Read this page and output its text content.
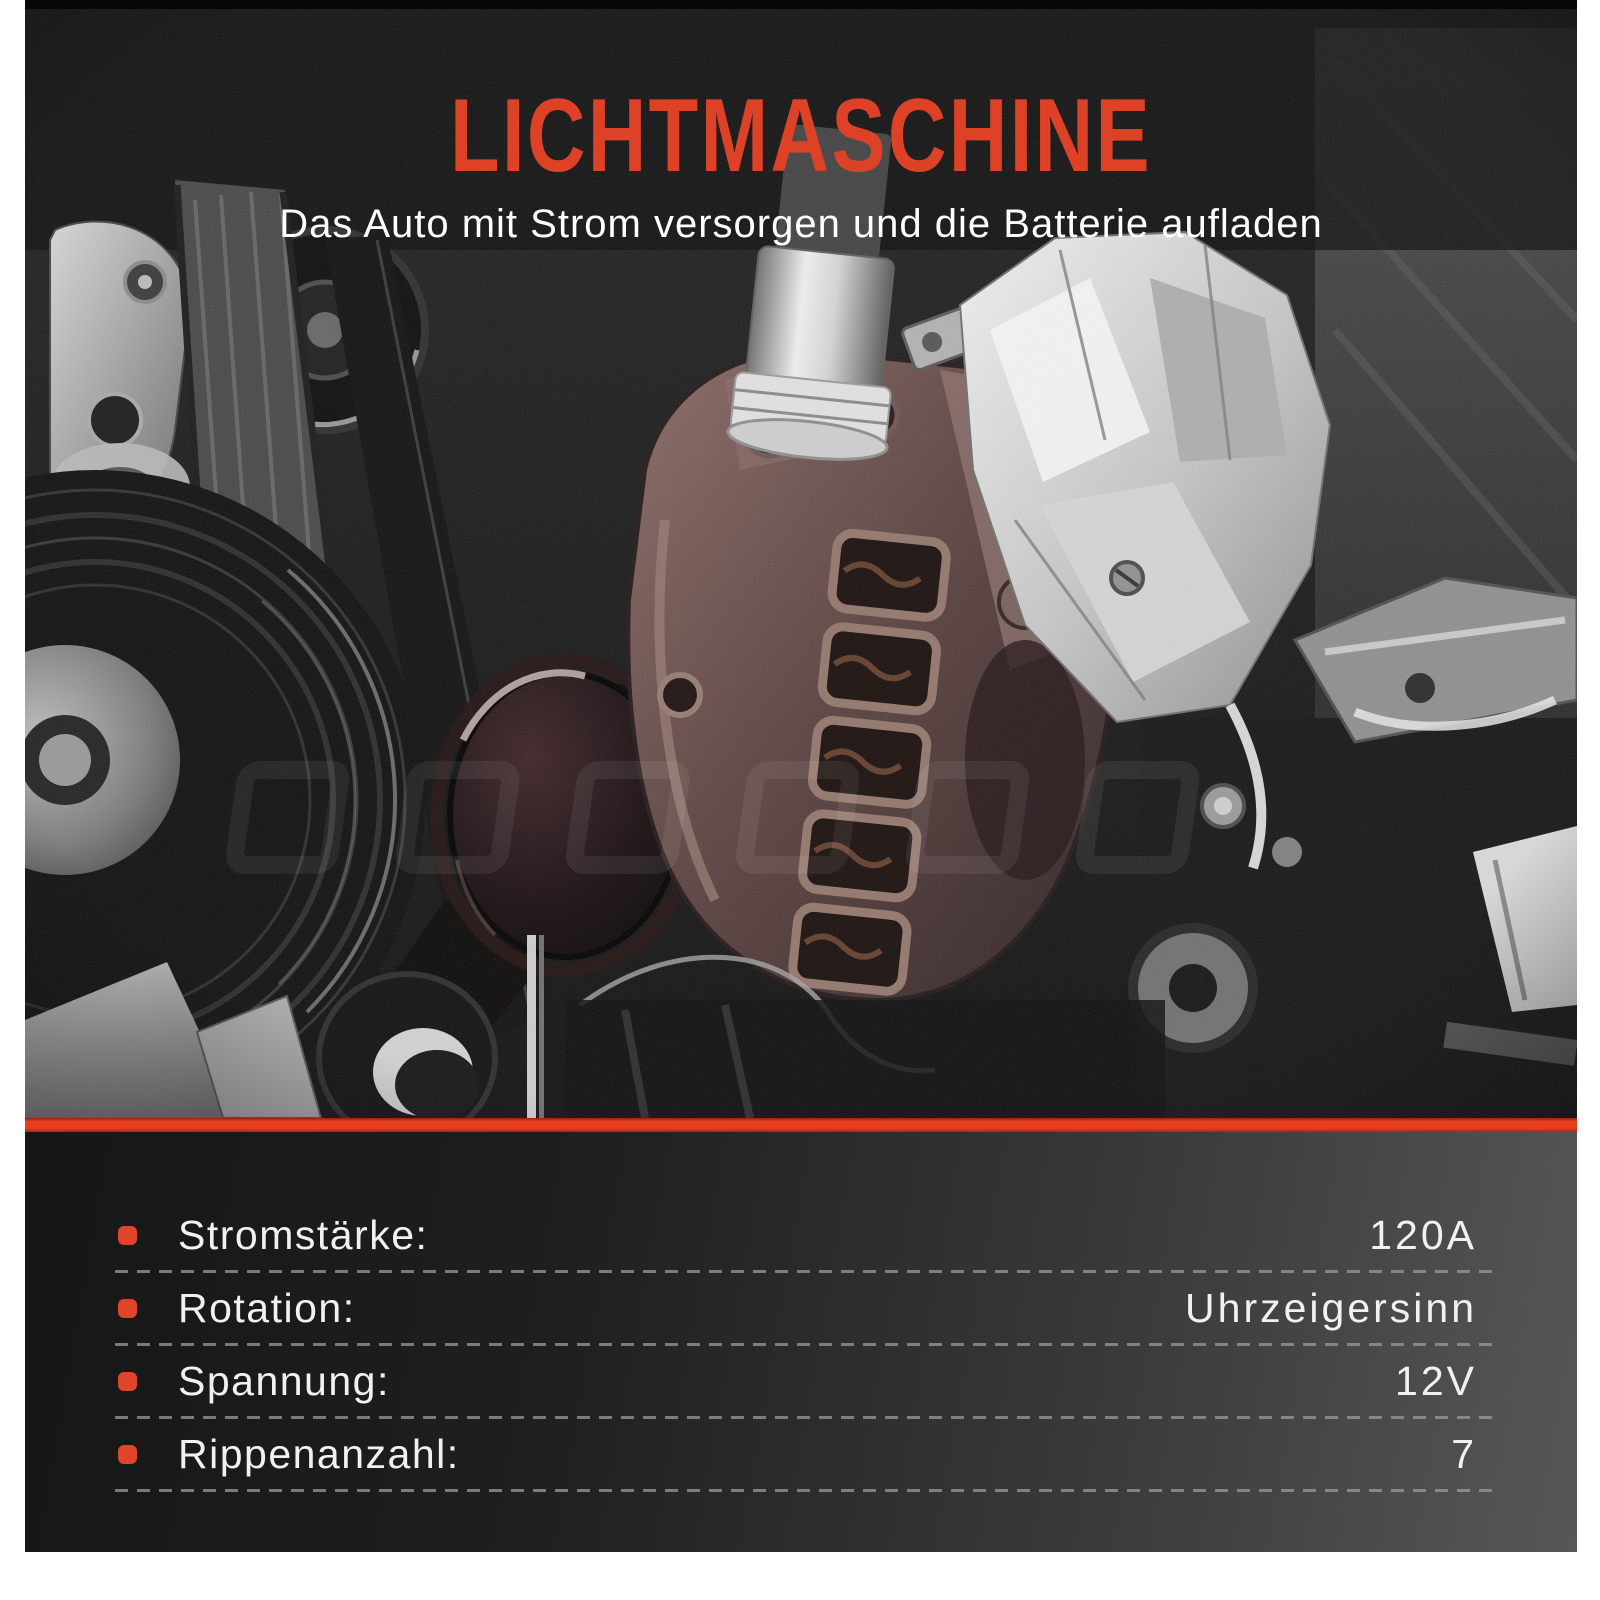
LICHTMASCHINE
Das Auto mit Strom versorgen und die Batterie aufladen
Stromstärke:	120A
Rotation:	Uhrzeigersinn
Spannung:	12V
Rippenanzahl:	7
